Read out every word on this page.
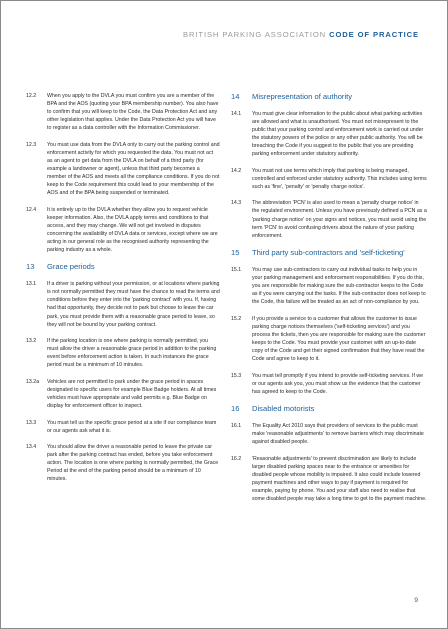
BRITISH PARKING ASSOCIATION CODE OF PRACTICE
12.2	When you apply to the DVLA you must confirm you are a member of the BPA and the AOS (quoting your BPA membership number). You also have to confirm that you will keep to the Code, the Data Protection Act and any other legislation that applies. Under the Data Protection Act you will have to register as a data controller with the Information Commissioner.
12.3	You must use data from the DVLA only to carry out the parking control and enforcement activity for which you requested the data. You must not act as an agent to get data from the DVLA on behalf of a third party (for example a landowner or agent), unless that third party becomes a member of the AOS and meets all the compliance conditions. If you do not keep to the Code requirement this could lead to your membership of the AOS and of the BPA being suspended or terminated.
12.4	It is entirely up to the DVLA whether they allow you to request vehicle keeper information. Also, the DVLA apply terms and conditions to that access, and they may change. We will not get involved in disputes concerning the availability of DVLA data or services, except where we are acting in our general role as the recognised authority representing the parking industry as a whole.
13	Grace periods
13.1	If a driver is parking without your permission, or at locations where parking is not normally permitted they must have the chance to read the terms and conditions before they enter into the 'parking contract' with you. If, having had that opportunity, they decide not to park but choose to leave the car park, you must provide them with a reasonable grace period to leave, so they will not be bound by your parking contract.
13.2	If the parking location is one where parking is normally permitted, you must allow the driver a reasonable grace period in addition to the parking event before enforcement action is taken. In such instances the grace period must be a minimum of 10 minutes.
13.2a	Vehicles are not permitted to park under the grace period in spaces designated to specific users for example Blue Badge holders. At all times vehicles must have appropriate and valid permits e.g. Blue Badge on display for enforcement officer to inspect.
13.3	You must tell us the specific grace period at a site if our compliance team or our agents ask what it is.
13.4	You should allow the driver a reasonable period to leave the private car park after the parking contract has ended, before you take enforcement action. The location is one where parking is normally permitted, the Grace Period at the end of the parking period should be a minimum of 10 minutes.
14	Misrepresentation of authority
14.1	You must give clear information to the public about what parking activities are allowed and what is unauthorised. You must not misrepresent to the public that your parking control and enforcement work is carried out under the statutory powers of the police or any other public authority. You will be breaching the Code if you suggest to the public that you are providing parking enforcement under statutory authority.
14.2	You must not use terms which imply that parking is being managed, controlled and enforced under statutory authority. This includes using terms such as 'fine', 'penalty' or 'penalty charge notice'.
14.3	The abbreviation 'PCN' is also used to mean a 'penalty charge notice' in the regulated environment. Unless you have previously defined a PCN as a 'parking charge notice' on your signs and notices, you must avoid using the term 'PCN' to avoid confusing drivers about the nature of your parking enforcement.
15	Third party sub-contractors and 'self-ticketing'
15.1	You may use sub-contractors to carry out individual tasks to help you in your parking management and enforcement responsibilities. If you do this, you are responsible for making sure the sub-contractor keeps to the Code as if you were carrying out the tasks. If the sub-contractor does not keep to the Code, this failure will be treated as an act of non-compliance by you.
15.2	If you provide a service to a customer that allows the customer to issue parking charge notices themselves ('self-ticketing services') and you process the tickets, then you are responsible for making sure the customer keeps to the Code. You must provide your customer with an up-to-date copy of the Code and get their signed confirmation that they have read the Code and agree to keep to it.
15.3	You must tell promptly if you intend to provide self-ticketing services. If we or our agents ask you, you must show us the evidence that the customer has agreed to keep to the Code.
16	Disabled motorists
16.1	The Equality Act 2010 says that providers of services to the public must make 'reasonable adjustments' to remove barriers which may discriminate against disabled people.
16.2	'Reasonable adjustments' to prevent discrimination are likely to include larger disabled parking spaces near to the entrance or amenities for disabled people whose mobility is impaired. It also could include lowered payment machines and other ways to pay if payment is required for example, paying by phone. You and your staff also need to realise that some disabled people may take a long time to get to the payment machine.
9
